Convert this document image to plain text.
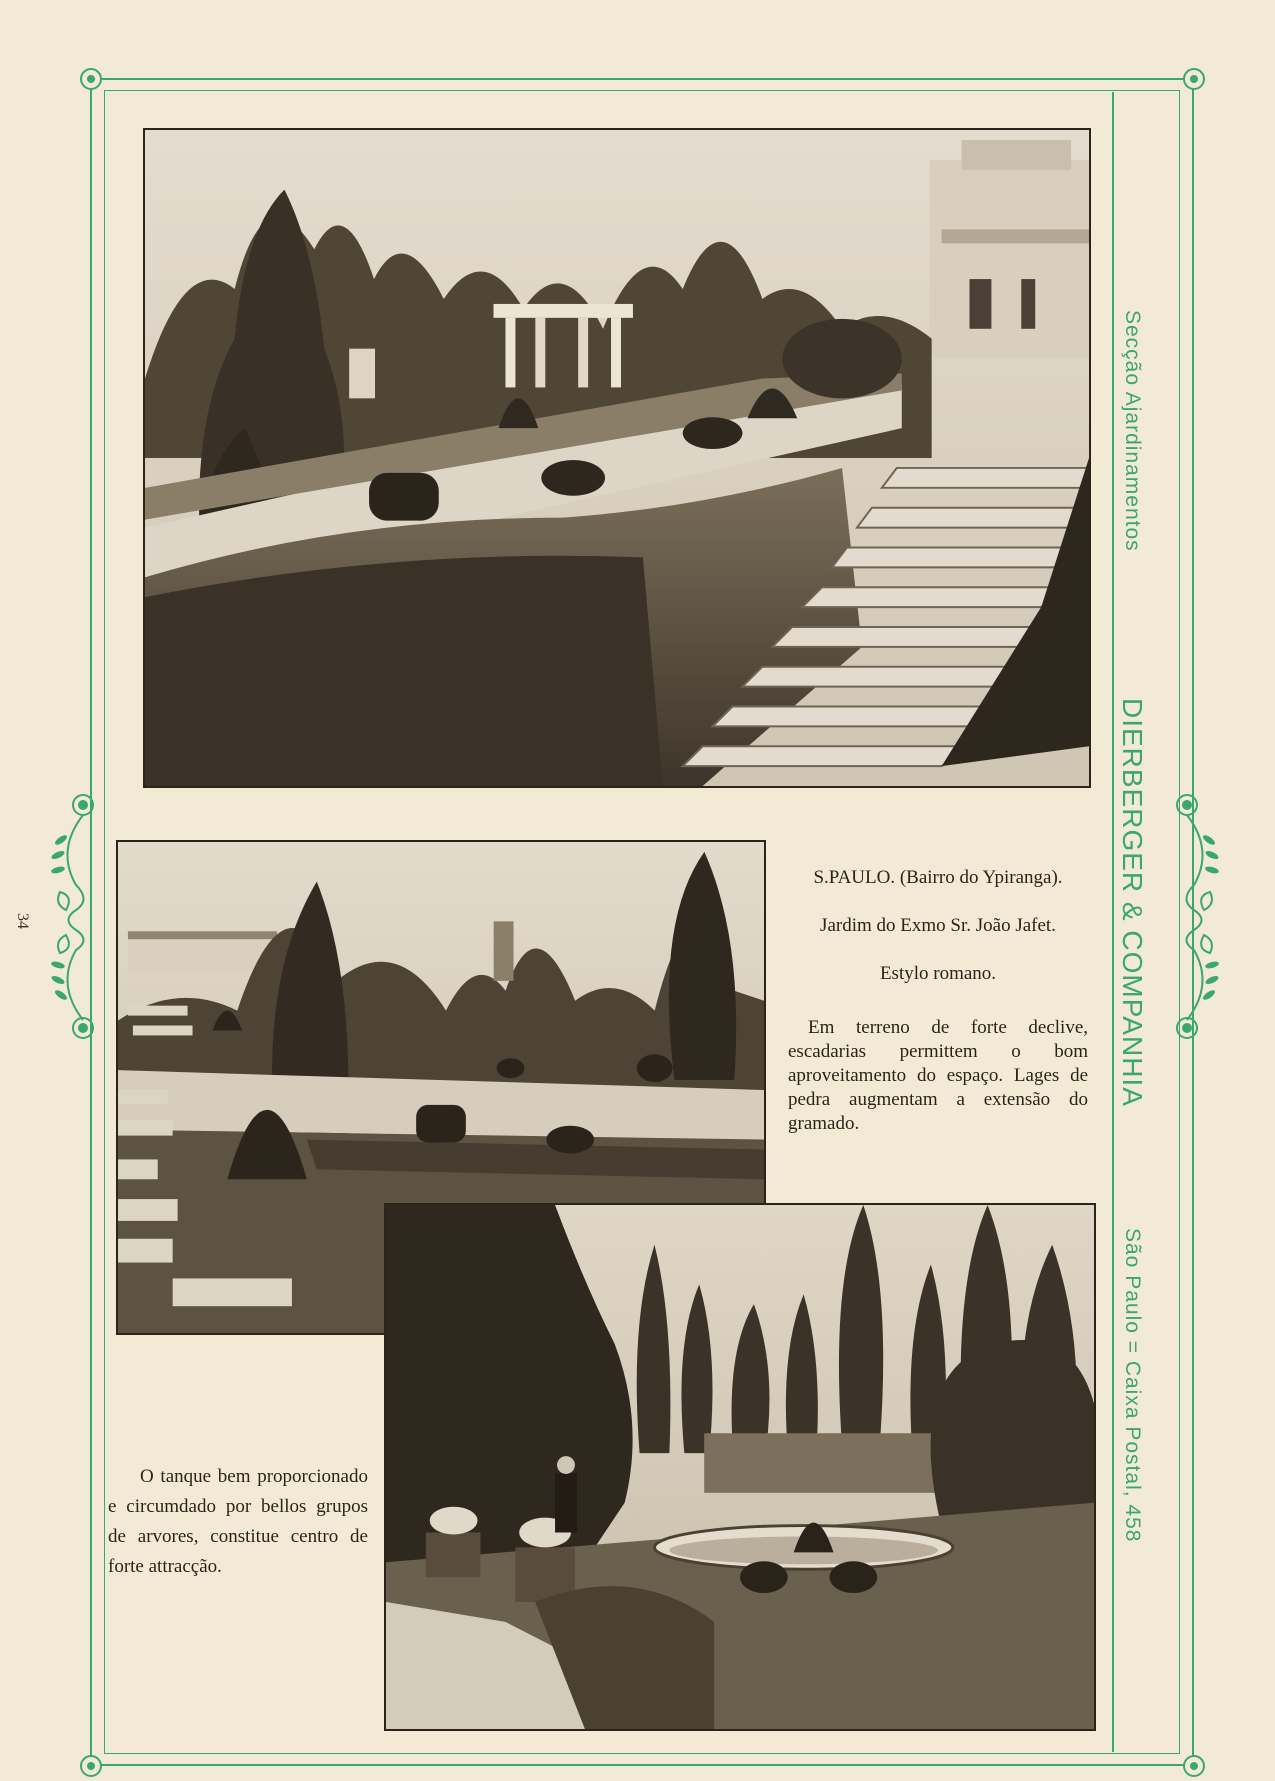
34

S.PAULO. (Bairro do Ypiranga).

Jardim do Exmo Sr. João Jafet.

Estylo romano.

Em terreno de forte declive, escadarias permittem o bom aproveitamento do espaço. Lages de pedra augmentam a extensão do gramado.

O tanque bem proporcionado e circumdado por bellos grupos de arvores, constitue centro de forte attracção.

Secção Ajardinamentos
DIERBERGER & COMPANHIA
São Paulo = Caixa Postal, 458
